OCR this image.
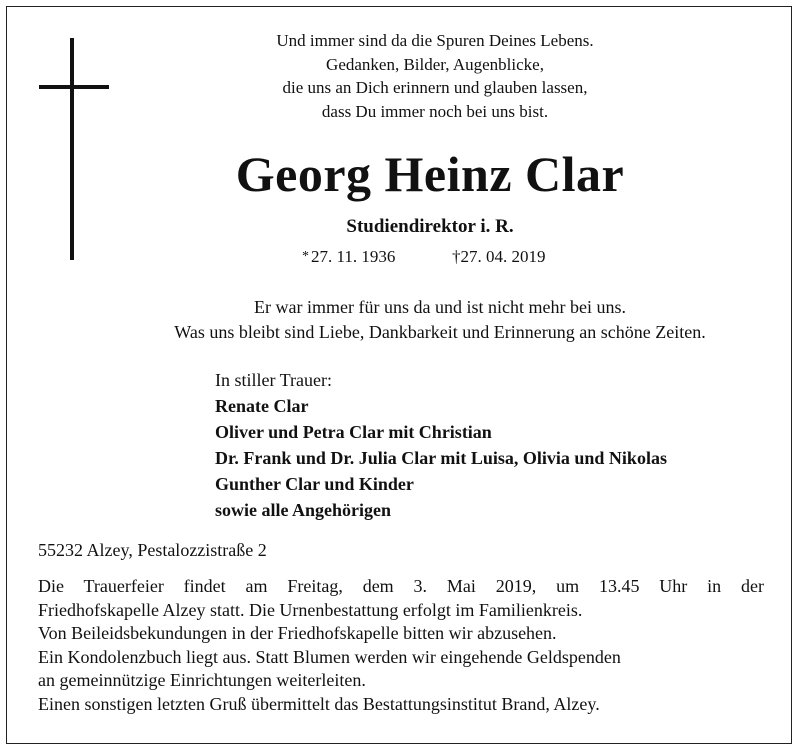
Und immer sind da die Spuren Deines Lebens.
Gedanken, Bilder, Augenblicke,
die uns an Dich erinnern und glauben lassen,
dass Du immer noch bei uns bist.
Georg Heinz Clar
Studiendirektor i. R.
* 27. 11. 1936	†27. 04. 2019
Er war immer für uns da und ist nicht mehr bei uns.
Was uns bleibt sind Liebe, Dankbarkeit und Erinnerung an schöne Zeiten.
In stiller Trauer:
Renate Clar
Oliver und Petra Clar mit Christian
Dr. Frank und Dr. Julia Clar mit Luisa, Olivia und Nikolas
Gunther Clar und Kinder
sowie alle Angehörigen
55232 Alzey, Pestalozzistraße 2
Die Trauerfeier findet am Freitag, dem 3. Mai 2019, um 13.45 Uhr in der
Friedhofskapelle Alzey statt. Die Urnenbestattung erfolgt im Familienkreis.
Von Beileidsbekundungen in der Friedhofskapelle bitten wir abzusehen.
Ein Kondolenzbuch liegt aus. Statt Blumen werden wir eingehende Geldspenden
an gemeinnützige Einrichtungen weiterleiten.
Einen sonstigen letzten Gruß übermittelt das Bestattungsinstitut Brand, Alzey.
